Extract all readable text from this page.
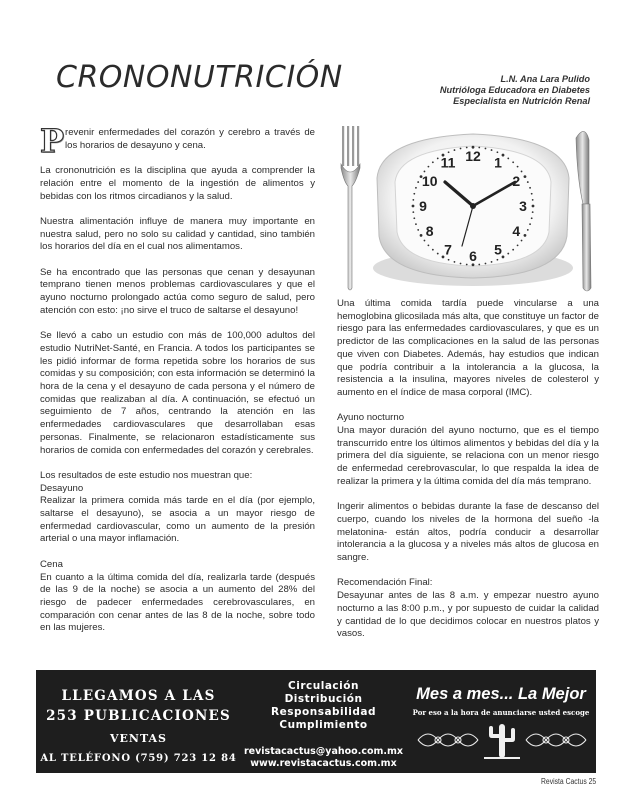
CRONONUTRICIÓN	L.N. Ana Lara Pulido
Nutrióloga Educadora en Diabetes
Especialista en Nutrición Renal

P revenir enfermedades del corazón y cerebro a través de los horarios de desayuno y cena.

La crononutrición es la disciplina que ayuda a comprender la relación entre el momento de la ingestión de alimentos y bebidas con los ritmos circadianos y la salud.

Nuestra alimentación influye de manera muy importante en nuestra salud, pero no solo su calidad y cantidad, sino también los horarios del día en el cual nos alimentamos.

Se ha encontrado que las personas que cenan y desayunan temprano tienen menos problemas cardiovasculares y que el ayuno nocturno prolongado actúa como seguro de salud, pero atención con esto: ¡no sirve el truco de saltarse el desayuno!

Se llevó a cabo un estudio con más de 100,000 adultos del estudio NutriNet-Santé, en Francia. A todos los participantes se les pidió informar de forma repetida sobre los horarios de sus comidas y su composición; con esta información se determinó la hora de la cena y el desayuno de cada persona y el número de comidas que realizaban al día. A continuación, se efectuó un seguimiento de 7 años, centrando la atención en las enfermedades cardiovasculares que desarrollaban esas personas. Finalmente, se relacionaron estadísticamente sus horarios de comida con enfermedades del corazón y cerebrales.

Los resultados de este estudio nos muestran que:

Desayuno

Realizar la primera comida más tarde en el día (por ejemplo, saltarse el desayuno), se asocia a un mayor riesgo de enfermedad cardiovascular, como un aumento de la presión arterial o una mayor inflamación.

Cena

En cuanto a la última comida del día, realizarla tarde (después de las 9 de la noche) se asocia a un aumento del 28% del riesgo de padecer enfermedades cerebrovasculares, en comparación con cenar antes de las 8 de la noche, sobre todo en las mujeres.

12 1
2
3
4
5
6
7
8
9
10
11

Una última comida tardía puede vincularse a una hemoglobina glicosilada más alta, que constituye un factor de riesgo para las enfermedades cardiovasculares, y que es un predictor de las complicaciones en la salud de las personas que viven con Diabetes. Además, hay estudios que indican que podría contribuir a la intolerancia a la glucosa, la resistencia a la insulina, mayores niveles de colesterol y aumento en el índice de masa corporal (IMC).

Ayuno nocturno

Una mayor duración del ayuno nocturno, que es el tiempo transcurrido entre los últimos alimentos y bebidas del día y la primera del día siguiente, se relaciona con un menor riesgo de enfermedad cerebrovascular, lo que respalda la idea de realizar la primera y la última comida del día más temprano.

Ingerir alimentos o bebidas durante la fase de descanso del cuerpo, cuando los niveles de la hormona del sueño -la melatonina- están altos, podría conducir a desarrollar intolerancia a la glucosa y a niveles más altos de glucosa en sangre.

Recomendación Final:

Desayunar antes de las 8 a.m. y empezar nuestro ayuno nocturno a las 8:00 p.m., y por supuesto de cuidar la calidad y cantidad de lo que decidimos colocar en nuestros platos y vasos.

LLEGAMOS A LAS
253 PUBLICACIONES
VENTAS
AL TELÉFONO (759) 723 12 84
Circulación
Distribución
Responsabilidad
Cumplimiento
revistacactus@yahoo.com.mx
www.revistacactus.com.mx
Mes a mes... La Mejor
Por eso a la hora de anunciarse usted escoge
Revista Cactus 25
